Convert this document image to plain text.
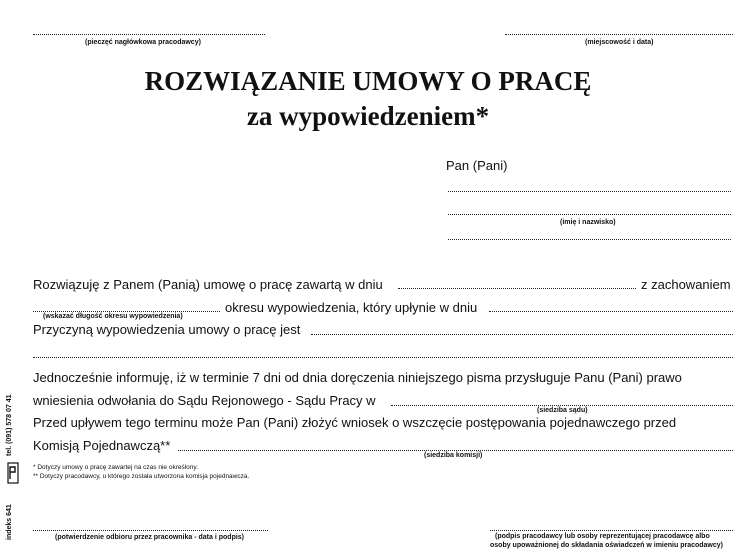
(pieczęć nagłówkowa pracodawcy)	(miejscowość i data)
ROZWIĄZANIE UMOWY O PRACĘ
za wypowiedzeniem*
Pan (Pani)
(imię i nazwisko)
Rozwiązuję z Panem (Panią) umowę o pracę zawartą w dniu	z zachowaniem
(wskazać długość okresu wypowiedzenia)
okresu wypowiedzenia, który upłynie w dniu
Przyczyną wypowiedzenia umowy o pracę jest
Jednocześnie informuję, iż w terminie 7 dni od dnia doręczenia niniejszego pisma przysługuje Panu (Pani) prawo
wniesienia odwołania do Sądu Rejonowego - Sądu Pracy w
(siedziba sądu)
Przed upływem tego terminu może Pan (Pani) złożyć wniosek o wszczęcie postępowania pojednawczego przed
Komisją Pojednawczą**
(siedziba komisji)
* Dotyczy umowy o pracę zawartej na czas nie określony.
** Dotyczy pracodawcy, u którego została utworzona komisja pojednawcza.
(potwierdzenie odbioru przez pracownika - data i podpis)	(podpis pracodawcy lub osoby reprezentującej pracodawcę albo
osoby upoważnionej do składania oświadczeń w imieniu pracodawcy)
indeks 641
tel. (091) 578 07 41
